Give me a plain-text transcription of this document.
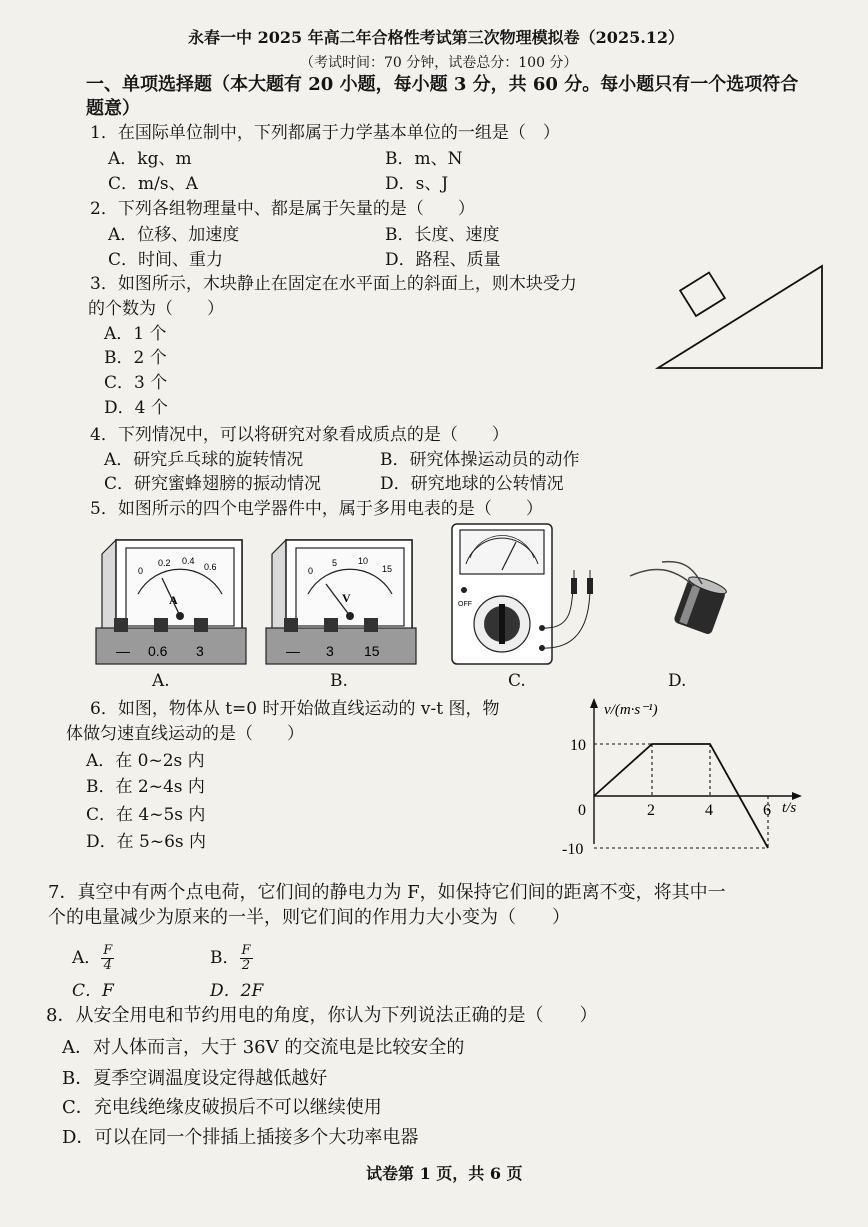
永春一中 2025 年高二年合格性考试第三次物理模拟卷（2025.12）
（考试时间：70 分钟，试卷总分：100 分）
一、单项选择题（本大题有 20 小题，每小题 3 分，共 60 分。每小题只有一个选项符合
题意）
1．在国际单位制中，下列都属于力学基本单位的一组是（　）
A．kg、m	B．m、N
C．m/s、A	D．s、J
2．下列各组物理量中、都是属于矢量的是（　　）
A．位移、加速度	B．长度、速度
C．时间、重力	D．路程、质量
3．如图所示，木块静止在固定在水平面上的斜面上，则木块受力
的个数为（　　）
A．1 个
B．2 个
C．3 个
D．4 个
4．下列情况中，可以将研究对象看成质点的是（　　）
A．研究乒乓球的旋转情况	B．研究体操运动员的动作
C．研究蜜蜂翅膀的振动情况	D．研究地球的公转情况
5．如图所示的四个电学器件中，属于多用电表的是（　　）
A
0
0.2 0.4
0.6
— 0.6 3
V
0
5 10
15
— 3 15
OFF
A.	B.	C.	D.
6．如图，物体从 t=0 时开始做直线运动的 v-t 图，物
体做匀速直线运动的是（　　）
A．在 0~2s 内
B．在 2~4s 内
C．在 4~5s 内
D．在 5~6s 内
v/(m·s⁻¹)
t/s
0	2	4	6
10
-10
7．真空中有两个点电荷，它们间的静电力为 F，如保持它们间的距离不变，将其中一
个的电量减少为原来的一半，则它们间的作用力大小变为（　　）
A． $\frac{F}{4}$	B． $\frac{F}{2}$
C．F	D．2F
8．从安全用电和节约用电的角度，你认为下列说法正确的是（　　）
A．对人体而言，大于 36V 的交流电是比较安全的
B．夏季空调温度设定得越低越好
C．充电线绝缘皮破损后不可以继续使用
D．可以在同一个排插上插接多个大功率电器
试卷第 1 页，共 6 页
